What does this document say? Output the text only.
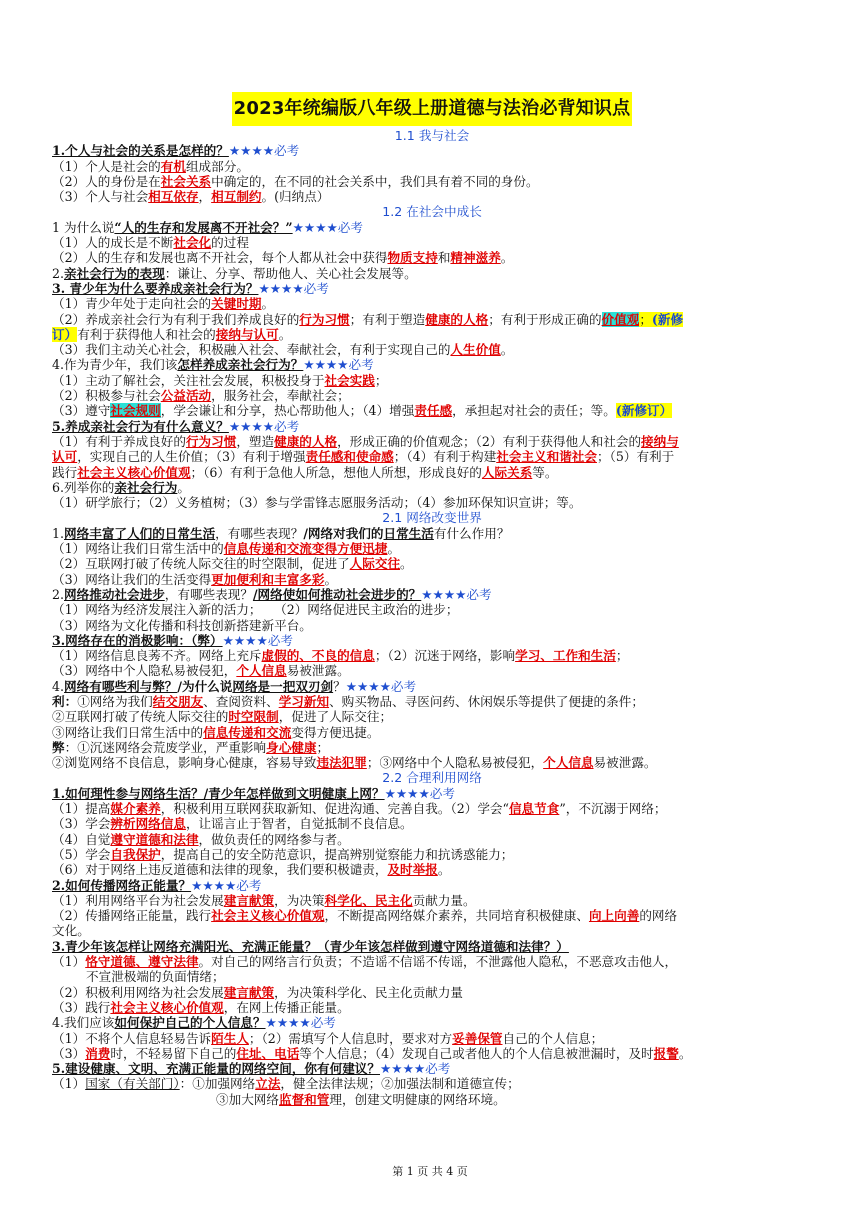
2023年统编版八年级上册道德与法治必背知识点
1.1 我与社会
1.个人与社会的关系是怎样的？★★★★必考
（1）个人是社会的有机组成部分。
（2）人的身份是在社会关系中确定的，在不同的社会关系中，我们具有着不同的身份。
（3）个人与社会相互依存，相互制约。(归纳点）
1.2 在社会中成长
1 为什么说“人的生存和发展离不开社会？”★★★★必考
（1）人的成长是不断社会化的过程
（2）人的生存和发展也离不开社会，每个人都从社会中获得物质支持和精神滋养。
2.亲社会行为的表现：谦让、分享、帮助他人、关心社会发展等。
3. 青少年为什么要养成亲社会行为？★★★★必考
（1）青少年处于走向社会的关键时期。
（2）养成亲社会行为有利于我们养成良好的行为习惯；有利于塑造健康的人格；有利于形成正确的价值观；(新修
订）有利于获得他人和社会的接纳与认可。
（3）我们主动关心社会，积极融入社会、奉献社会，有利于实现自己的人生价值。
4.作为青少年，我们该怎样养成亲社会行为？★★★★必考
（1）主动了解社会，关注社会发展，积极投身于社会实践；
（2）积极参与社会公益活动，服务社会，奉献社会；
（3）遵守社会规则，学会谦让和分享，热心帮助他人；（4）增强责任感，承担起对社会的责任；等。(新修订）
5.养成亲社会行为有什么意义？★★★★必考
（1）有利于养成良好的行为习惯，塑造健康的人格，形成正确的价值观念；（2）有利于获得他人和社会的接纳与
认可，实现自己的人生价值；（3）有利于增强责任感和使命感；（4）有利于构建社会主义和谐社会；（5）有利于
践行社会主义核心价值观；（6）有利于急他人所急，想他人所想，形成良好的人际关系等。
6.列举你的亲社会行为。
（1）研学旅行；（2）义务植树；（3）参与学雷锋志愿服务活动；（4）参加环保知识宣讲；等。
2.1 网络改变世界
1.网络丰富了人们的日常生活，有哪些表现？/网络对我们的日常生活有什么作用？
（1）网络让我们日常生活中的信息传递和交流变得方便迅捷。
（2）互联网打破了传统人际交往的时空限制，促进了人际交往。
（3）网络让我们的生活变得更加便利和丰富多彩。
2.网络推动社会进步，有哪些表现？/网络使如何推动社会进步的？★★★★必考
（1）网络为经济发展注入新的活力；　　（2）网络促进民主政治的进步；
（3）网络为文化传播和科技创新搭建新平台。
3.网络存在的消极影响：（弊）★★★★必考
（1）网络信息良莠不齐。网络上充斥虚假的、不良的信息；（2）沉迷于网络，影响学习、工作和生活；
（3）网络中个人隐私易被侵犯，个人信息易被泄露。
4.网络有哪些利与弊？/为什么说网络是一把双刃剑？★★★★必考
利：①网络为我们结交朋友、查阅资料、学习新知、购买物品、寻医问药、休闲娱乐等提供了便捷的条件；
②互联网打破了传统人际交往的时空限制，促进了人际交往；
③网络让我们日常生活中的信息传递和交流变得方便迅捷。
弊：①沉迷网络会荒废学业，严重影响身心健康；
②浏览网络不良信息，影响身心健康，容易导致违法犯罪；③网络中个人隐私易被侵犯，个人信息易被泄露。
2.2 合理利用网络
1.如何理性参与网络生活？/青少年怎样做到文明健康上网？★★★★必考
（1）提高媒介素养，积极利用互联网获取新知、促进沟通、完善自我。（2）学会“信息节食”，不沉溺于网络；
（3）学会辨析网络信息，让谣言止于智者，自觉抵制不良信息。
（4）自觉遵守道德和法律，做负责任的网络参与者。
（5）学会自我保护，提高自己的安全防范意识，提高辨别觉察能力和抗诱惑能力；
（6）对于网络上违反道德和法律的现象，我们要积极谴责，及时举报。
2.如何传播网络正能量？★★★★必考
（1）利用网络平台为社会发展建言献策，为决策科学化、民主化贡献力量。
（2）传播网络正能量，践行社会主义核心价值观，不断提高网络媒介素养，共同培育积极健康、向上向善的网络
文化。
3.青少年该怎样让网络充满阳光、充满正能量？（青少年该怎样做到遵守网络道德和法律？）
（1）恪守道德、遵守法律。对自己的网络言行负责；不造谣不信谣不传谣，不泄露他人隐私，不恶意攻击他人，
不宣泄极端的负面情绪；
（2）积极利用网络为社会发展建言献策，为决策科学化、民主化贡献力量
（3）践行社会主义核心价值观，在网上传播正能量。
4.我们应该如何保护自己的个人信息？★★★★必考
（1）不将个人信息轻易告诉陌生人；（2）需填写个人信息时，要求对方妥善保管自己的个人信息；
（3）消费时，不轻易留下自己的住址、电话等个人信息；（4）发现自己或者他人的个人信息被泄漏时，及时报警。
5.建设健康、文明、充满正能量的网络空间，你有何建议？★★★★必考
（1）国家（有关部门）：①加强网络立法，健全法律法规；②加强法制和道德宣传；
③加大网络监督和管理，创建文明健康的网络环境。
第 1 页 共 4 页
